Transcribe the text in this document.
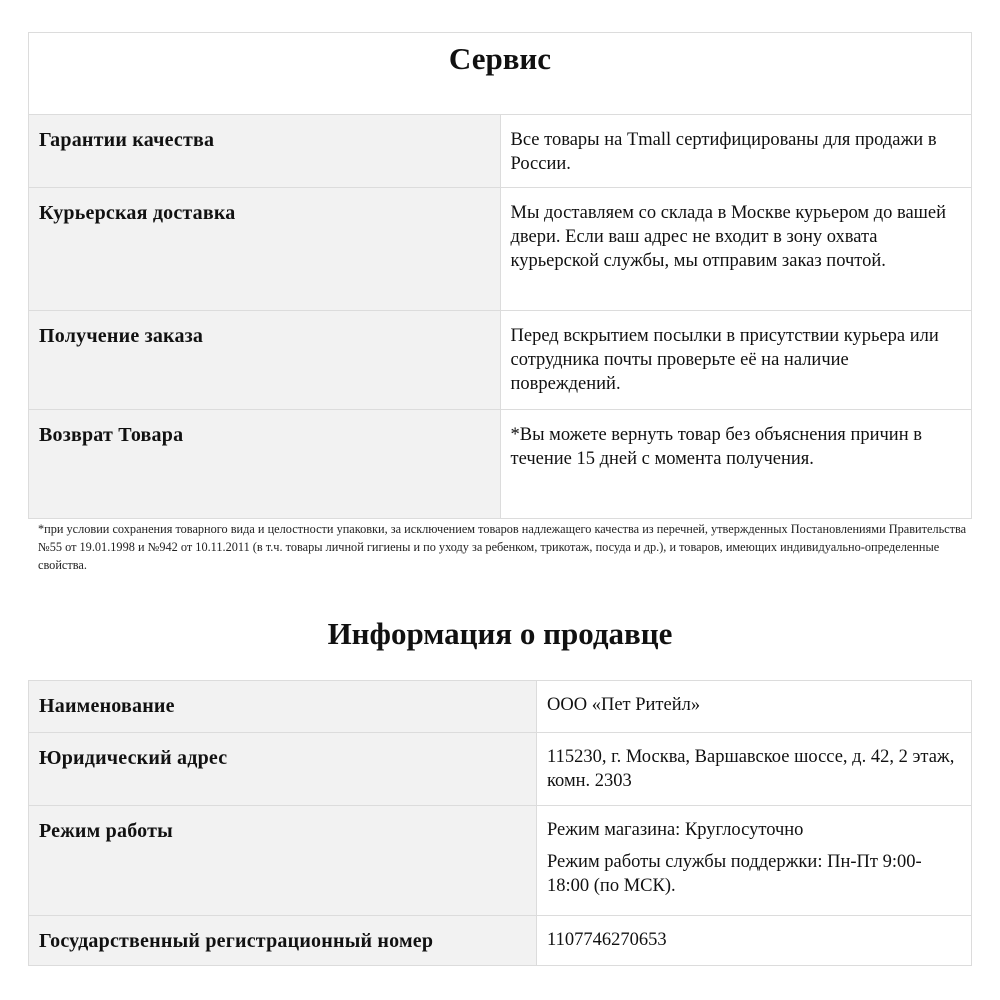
Сервис	
Гарантии качества	Все товары на Tmall сертифицированы для продажи в России.
Курьерская доставка	Мы доставляем со склада в Москве курьером до вашей двери. Если ваш адрес не входит в зону охвата курьерской службы, мы отправим заказ почтой.
Получение заказа	Перед вскрытием посылки в присутствии курьера или сотрудника почты проверьте её на наличие повреждений.
Возврат Товара	*Вы можете вернуть товар без объяснения причин в течение 15 дней с момента получения.
*при условии сохранения товарного вида и целостности упаковки, за исключением товаров надлежащего качества из перечней, утвержденных Постановлениями Правительства №55 от 19.01.1998 и №942 от 10.11.2011 (в т.ч. товары личной гигиены и по уходу за ребенком, трикотаж, посуда и др.), и товаров, имеющих индивидуально-определенные свойства.
Информация о продавце
Наименование	ООО «Пет Ритейл»
Юридический адрес	115230, г. Москва, Варшавское шоссе, д. 42, 2 этаж, комн. 2303
Режим работы	Режим магазина: Круглосуточно

Режим работы службы поддержки: Пн-Пт 9:00-18:00 (по МСК).

Государственный регистрационный номер	1107746270653
